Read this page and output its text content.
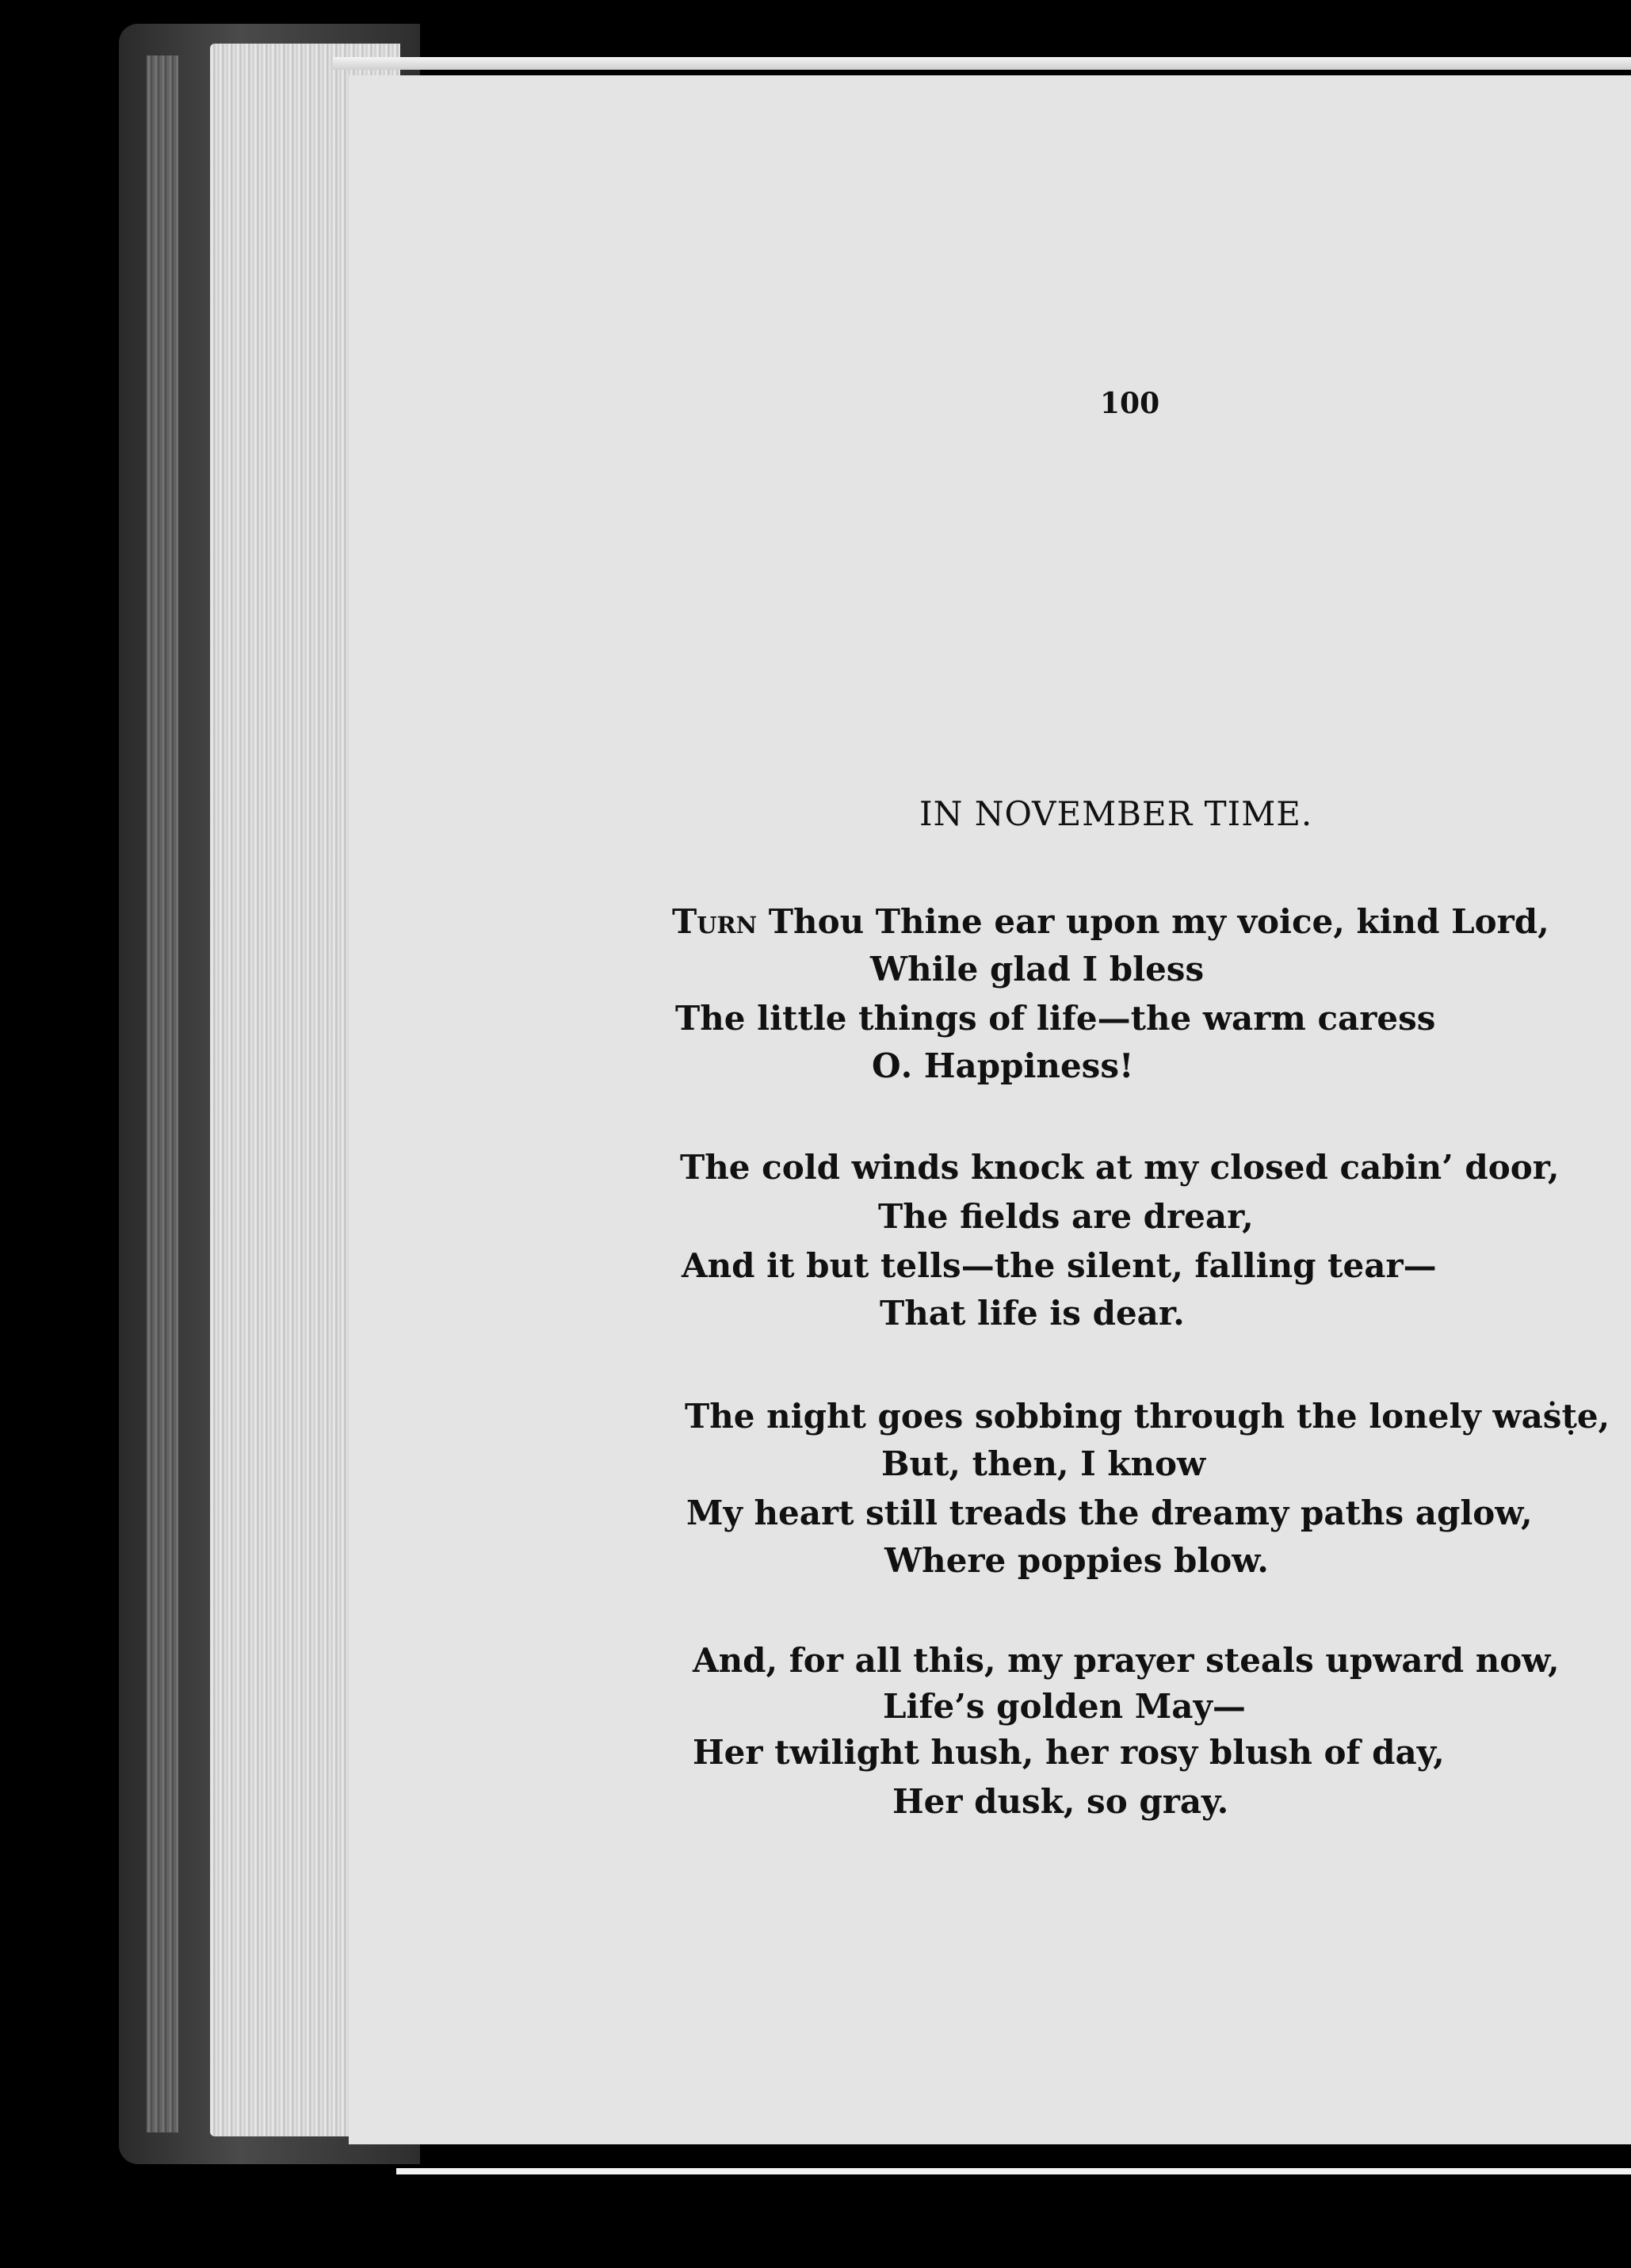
100
IN NOVEMBER TIME.
Turn Thou Thine ear upon my voice, kind Lord,
While glad I bless
The little things of life—the warm caress
O․ Happiness!
The cold winds knock at my closed cabin’ door,
The fields are drear,
And it but tells—the silent, falling tear—
That life is dear.
The night goes sobbing through the lonely waṡṭe,
But, then, I know
My heart still treads the dreamy paths aglow,
Where poppies blow.
And, for all this, my prayer steals upward now,
Life’s golden May—
Her twilight hush, her rosy blush of day,
Her dusk, so gray.
